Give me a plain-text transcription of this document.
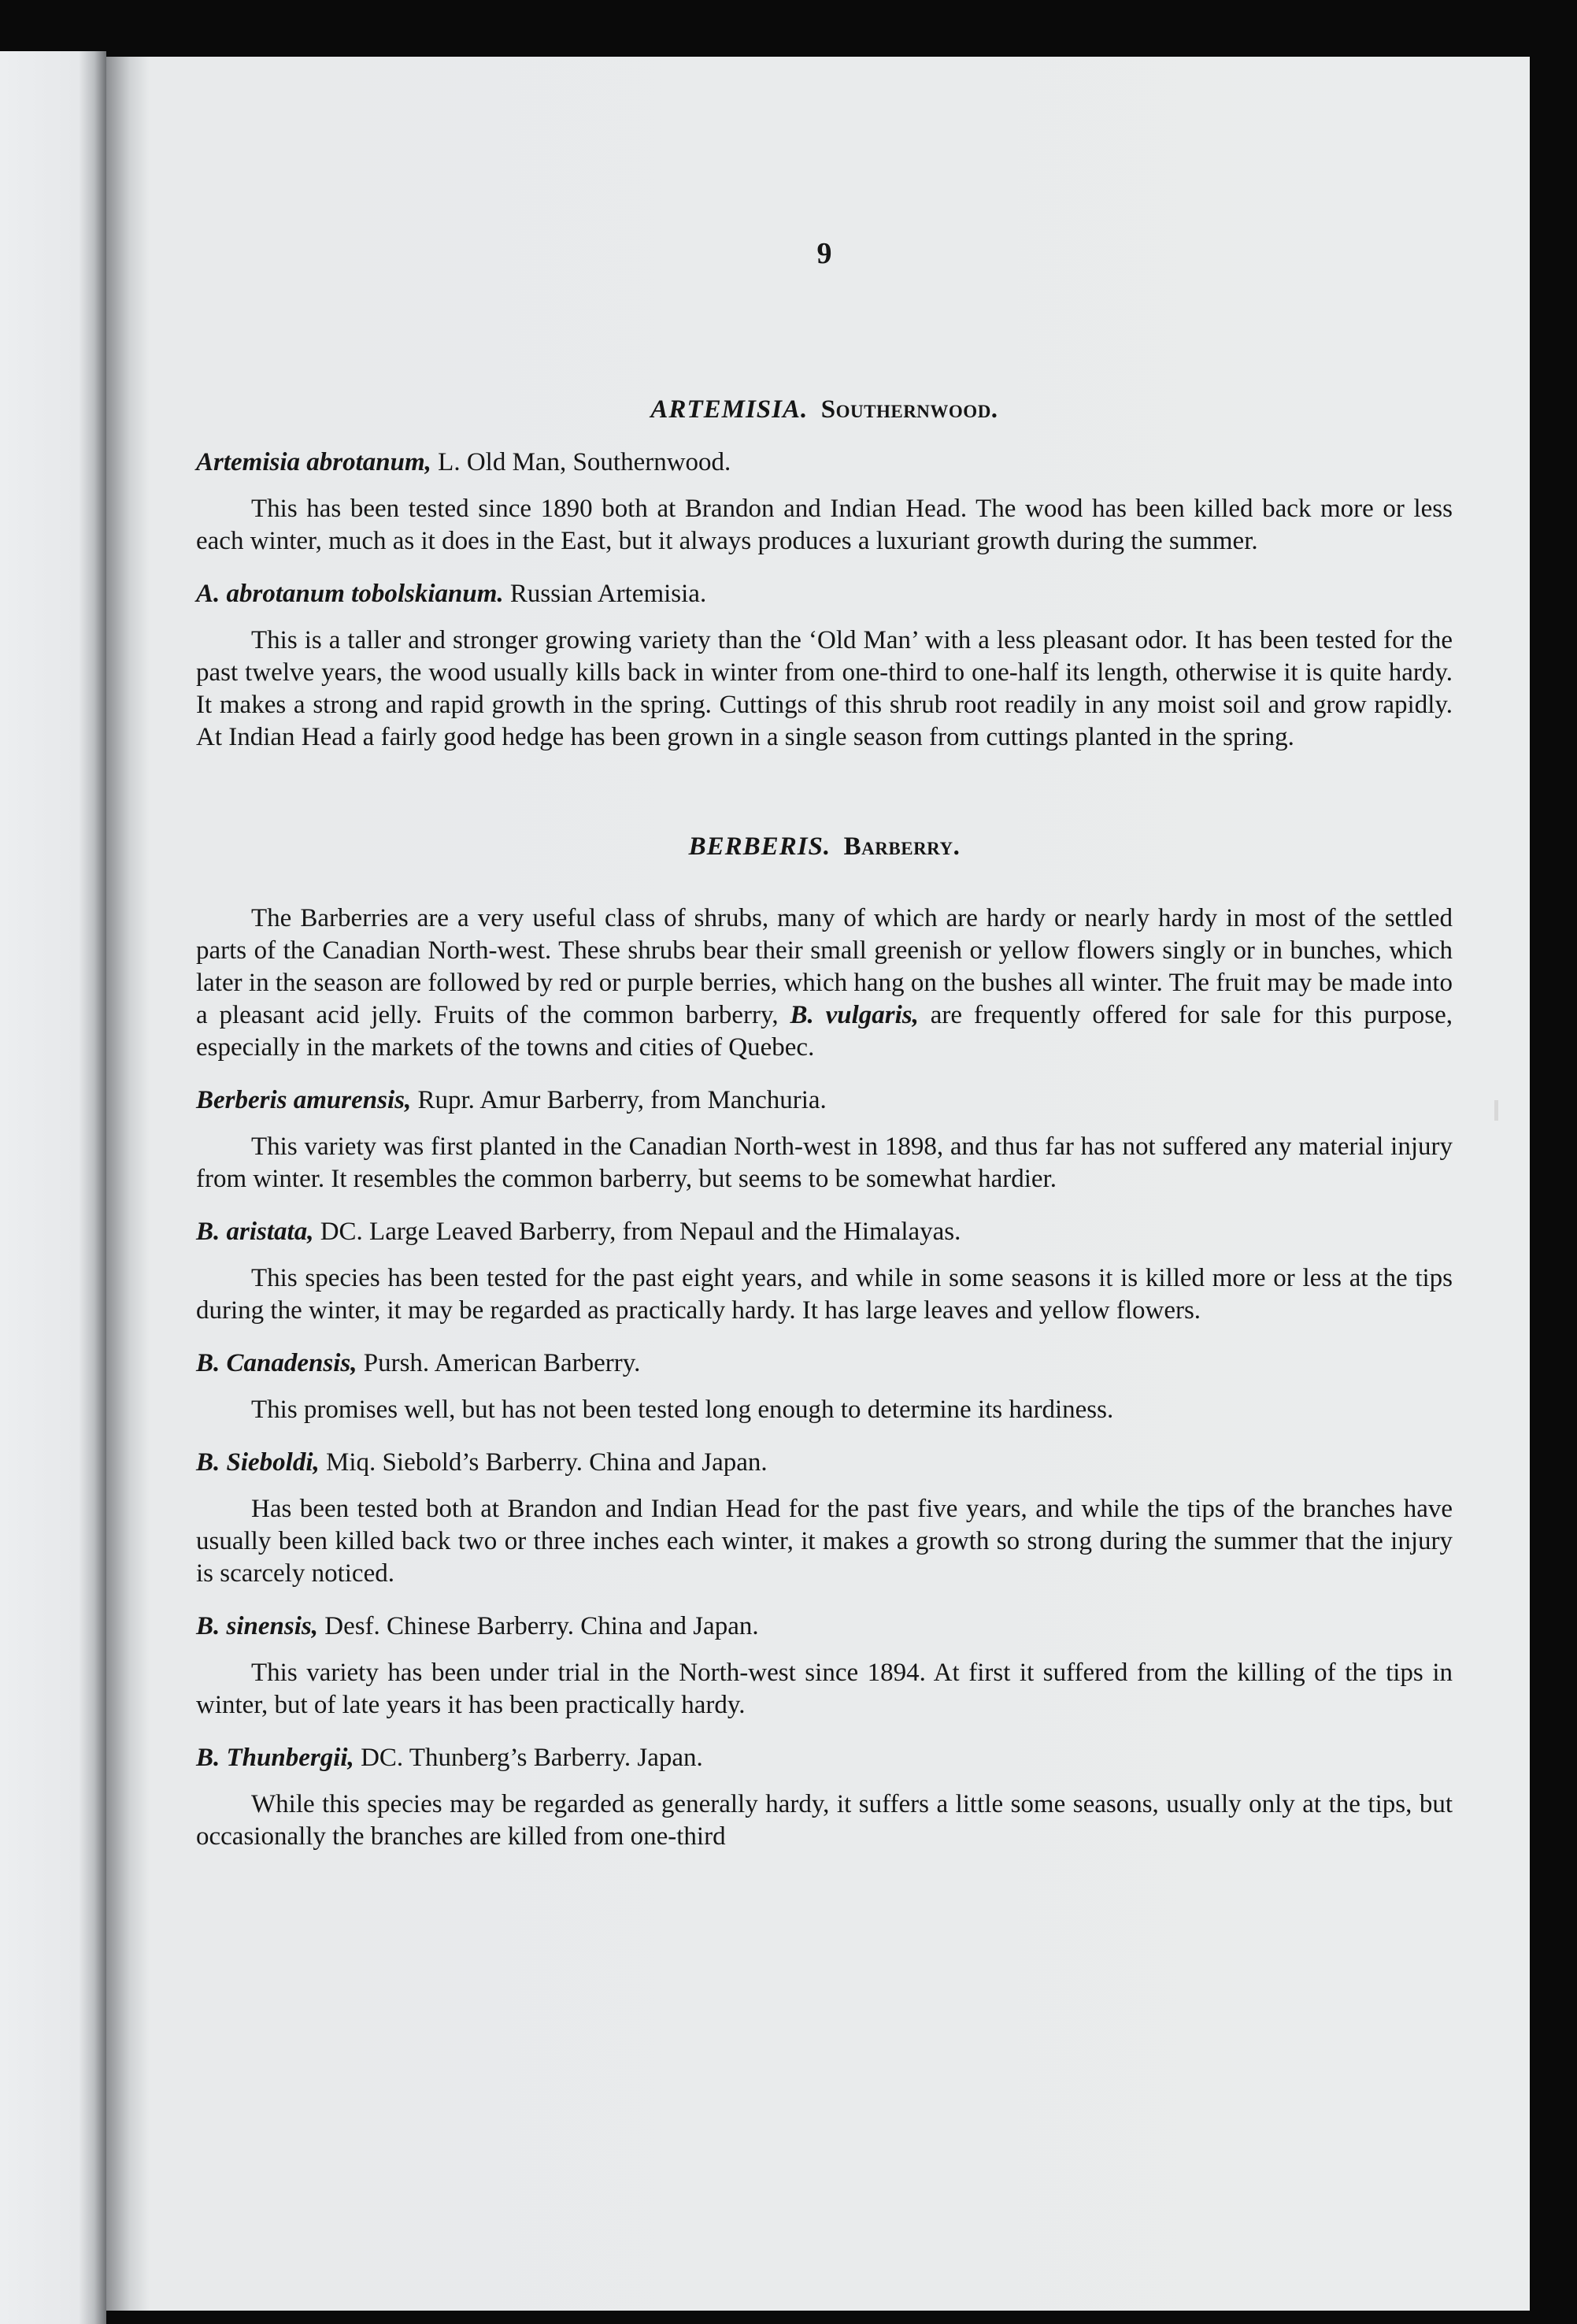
9

ARTEMISIA. Southernwood.

Artemisia abrotanum, L. Old Man, Southernwood.

This has been tested since 1890 both at Brandon and Indian Head. The wood has been killed back more or less each winter, much as it does in the East, but it always produces a luxuriant growth during the summer.

A. abrotanum tobolskianum. Russian Artemisia.

This is a taller and stronger growing variety than the ‘Old Man’ with a less pleasant odor. It has been tested for the past twelve years, the wood usually kills back in winter from one-third to one-half its length, otherwise it is quite hardy. It makes a strong and rapid growth in the spring. Cuttings of this shrub root readily in any moist soil and grow rapidly. At Indian Head a fairly good hedge has been grown in a single season from cuttings planted in the spring.

BERBERIS. Barberry.

The Barberries are a very useful class of shrubs, many of which are hardy or nearly hardy in most of the settled parts of the Canadian North-west. These shrubs bear their small greenish or yellow flowers singly or in bunches, which later in the season are followed by red or purple berries, which hang on the bushes all winter. The fruit may be made into a pleasant acid jelly. Fruits of the common barberry, B. vulgaris, are frequently offered for sale for this purpose, especially in the markets of the towns and cities of Quebec.

Berberis amurensis, Rupr. Amur Barberry, from Manchuria.

This variety was first planted in the Canadian North-west in 1898, and thus far has not suffered any material injury from winter. It resembles the common barberry, but seems to be somewhat hardier.

B. aristata, DC. Large Leaved Barberry, from Nepaul and the Himalayas.

This species has been tested for the past eight years, and while in some seasons it is killed more or less at the tips during the winter, it may be regarded as practically hardy. It has large leaves and yellow flowers.

B. Canadensis, Pursh. American Barberry.

This promises well, but has not been tested long enough to determine its hardiness.

B. Sieboldi, Miq. Siebold’s Barberry. China and Japan.

Has been tested both at Brandon and Indian Head for the past five years, and while the tips of the branches have usually been killed back two or three inches each winter, it makes a growth so strong during the summer that the injury is scarcely noticed.

B. sinensis, Desf. Chinese Barberry. China and Japan.

This variety has been under trial in the North-west since 1894. At first it suffered from the killing of the tips in winter, but of late years it has been practically hardy.

B. Thunbergii, DC. Thunberg’s Barberry. Japan.

While this species may be regarded as generally hardy, it suffers a little some seasons, usually only at the tips, but occasionally the branches are killed from one-third
